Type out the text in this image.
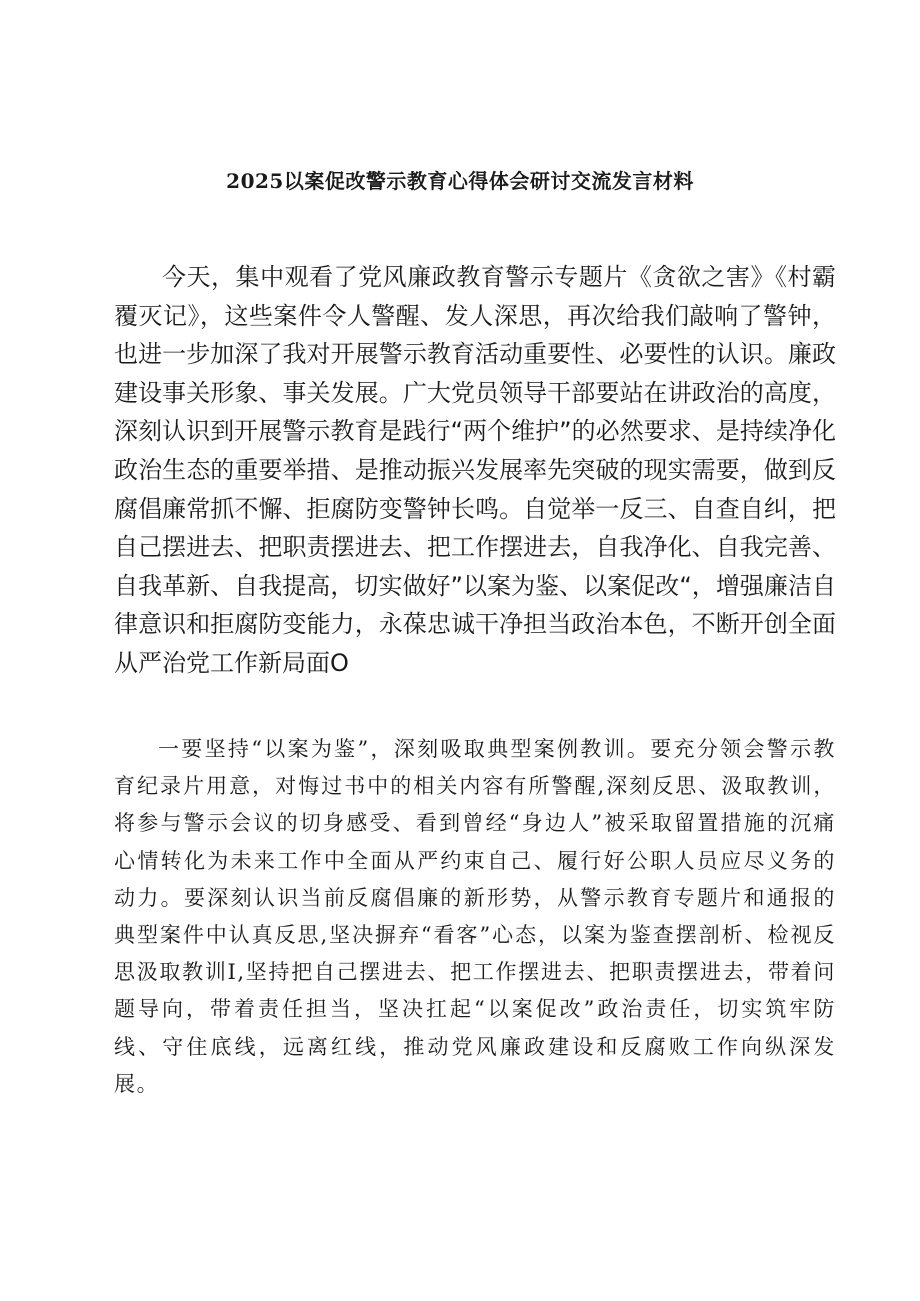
2025以案促改警示教育心得体会研讨交流发言材料

今天，集中观看了党风廉政教育警示专题片《贪欲之害》《村霸覆灭记》，这些案件令人警醒、发人深思，再次给我们敲响了警钟，也进一步加深了我对开展警示教育活动重要性、必要性的认识。廉政建设事关形象、事关发展。广大党员领导干部要站在讲政治的高度，深刻认识到开展警示教育是践行“两个维护”的必然要求、是持续净化政治生态的重要举措、是推动振兴发展率先突破的现实需要，做到反腐倡廉常抓不懈、拒腐防变警钟长鸣。自觉举一反三、自查自纠，把自己摆进去、把职责摆进去、把工作摆进去，自我净化、自我完善、自我革新、自我提高，切实做好”以案为鉴、以案促改“，增强廉洁自律意识和拒腐防变能力，永葆忠诚干净担当政治本色，不断开创全面从严治党工作新局面O

一要坚持“以案为鉴”，深刻吸取典型案例教训。要充分领会警示教育纪录片用意，对悔过书中的相关内容有所警醒,深刻反思、汲取教训，将参与警示会议的切身感受、看到曾经“身边人”被采取留置措施的沉痛心情转化为未来工作中全面从严约束自己、履行好公职人员应尽义务的动力。要深刻认识当前反腐倡廉的新形势，从警示教育专题片和通报的典型案件中认真反思,坚决摒弃“看客”心态，以案为鉴查摆剖析、检视反思汲取教训I,坚持把自己摆进去、把工作摆进去、把职责摆进去，带着问题导向，带着责任担当，坚决扛起“以案促改”政治责任，切实筑牢防线、守住底线，远离红线，推动党风廉政建设和反腐败工作向纵深发展。
